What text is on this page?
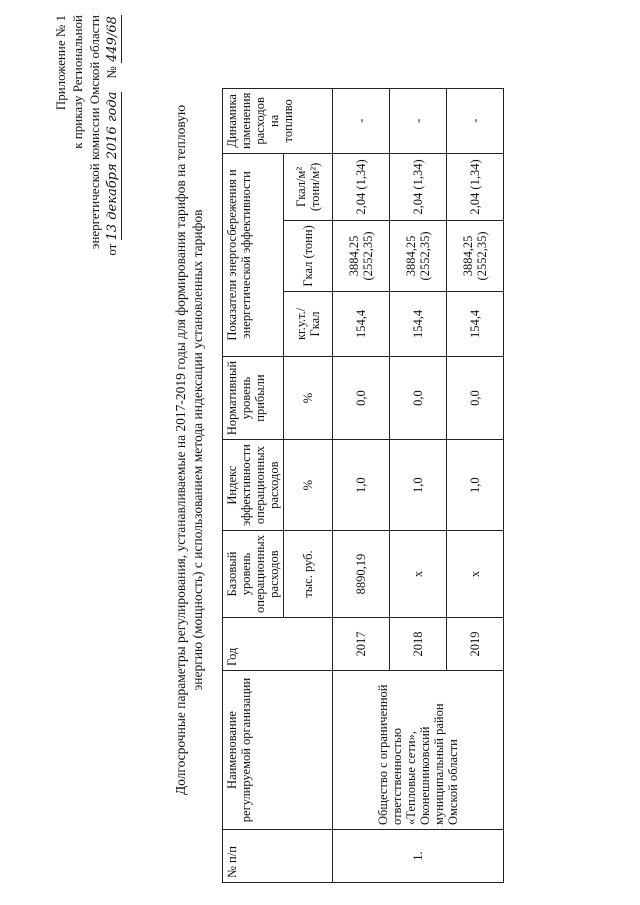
Приложение № 1 к приказу Региональной энергетической комиссии Омской области
от 13 декабря 2016 года    № 449/68
Долгосрочные параметры регулирования, устанавливаемые на 2017-2019 годы для формирования тарифов на тепловую энергию (мощность) с использованием метода индексации установленных тарифов
№ п/п	Наименование регулируемой организации	Год	Базовый уровень операционных расходов	Индекс эффективности операционных расходов	Нормативный уровень прибыли	Показатели энергосбережения и энергетической эффективности			Динамика изменения расходов на топливо
			тыс. руб.	%	%	кг.у.т./Гкал	Гкал (тонн)	Гкал/м² (тонн/м²)	
1.	Общество с ограниченной ответственностью «Тепловые сети», Оконешниковский муниципальный район Омской области	2017	8890,19	1,0	0,0	154,4	3884,25 (2552,35)	2,04 (1,34)	-
		2018	х	1,0	0,0	154,4	3884,25 (2552,35)	2,04 (1,34)	-
		2019	х	1,0	0,0	154,4	3884,25 (2552,35)	2,04 (1,34)	-
